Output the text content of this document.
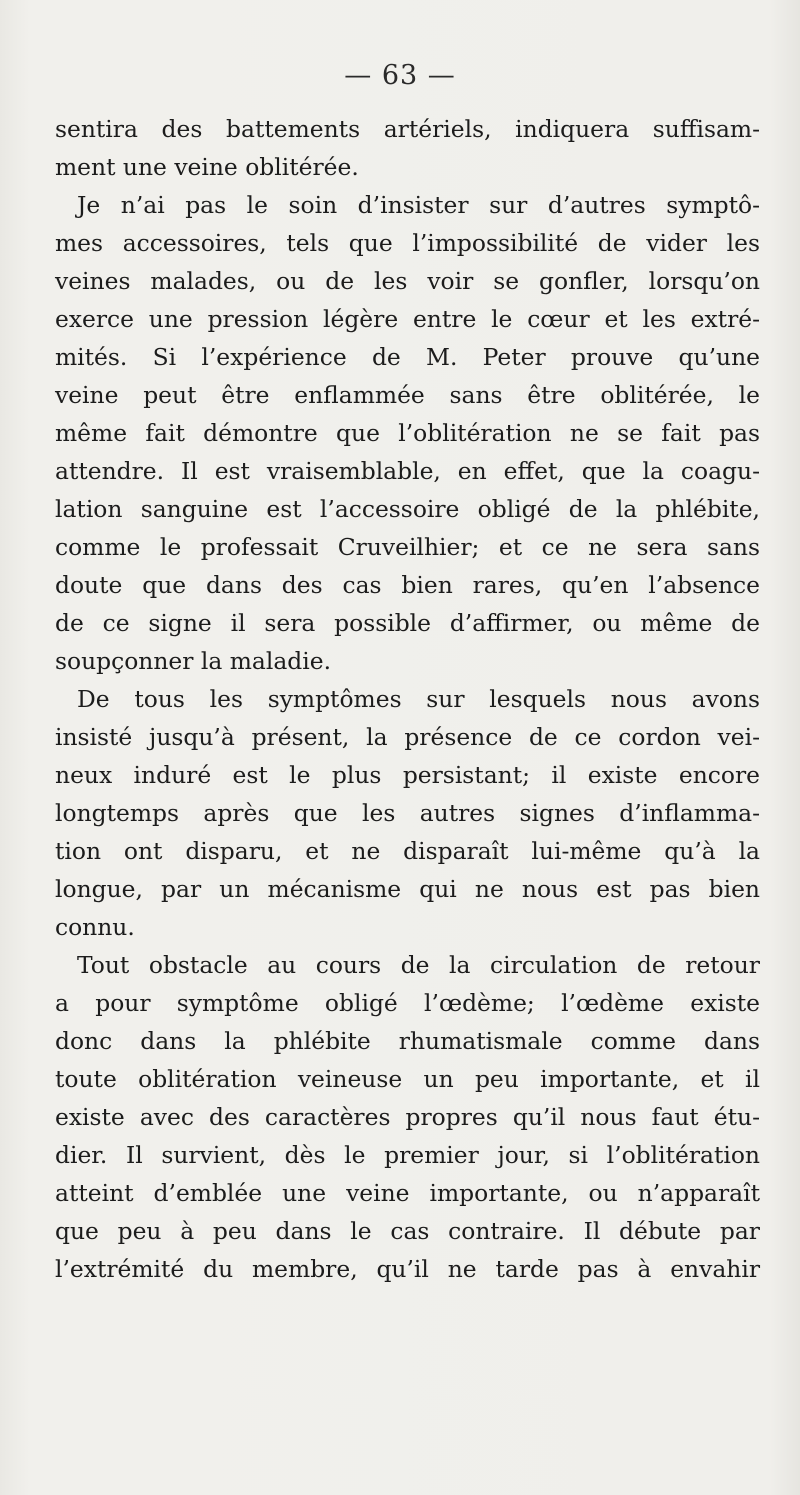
— 63 —
sentira des battements artériels, indiquera suffisam-
ment une veine oblitérée.
Je n’ai pas le soin d’insister sur d’autres symptô-
mes accessoires, tels que l’impossibilité de vider les
veines malades, ou de les voir se gonfler, lorsqu’on
exerce une pression légère entre le cœur et les extré-
mités. Si l’expérience de M. Peter prouve qu’une
veine peut être enflammée sans être oblitérée, le
même fait démontre que l’oblitération ne se fait pas
attendre. Il est vraisemblable, en effet, que la coagu-
lation sanguine est l’accessoire obligé de la phlébite,
comme le professait Cruveilhier; et ce ne sera sans
doute que dans des cas bien rares, qu’en l’absence
de ce signe il sera possible d’affirmer, ou même de
soupçonner la maladie.
De tous les symptômes sur lesquels nous avons
insisté jusqu’à présent, la présence de ce cordon vei-
neux induré est le plus persistant; il existe encore
longtemps après que les autres signes d’inflamma-
tion ont disparu, et ne disparaît lui-même qu’à la
longue, par un mécanisme qui ne nous est pas bien
connu.
Tout obstacle au cours de la circulation de retour
a pour symptôme obligé l’œdème; l’œdème existe
donc dans la phlébite rhumatismale comme dans
toute oblitération veineuse un peu importante, et il
existe avec des caractères propres qu’il nous faut étu-
dier. Il survient, dès le premier jour, si l’oblitération
atteint d’emblée une veine importante, ou n’apparaît
que peu à peu dans le cas contraire. Il débute par
l’extrémité du membre, qu’il ne tarde pas à envahir
